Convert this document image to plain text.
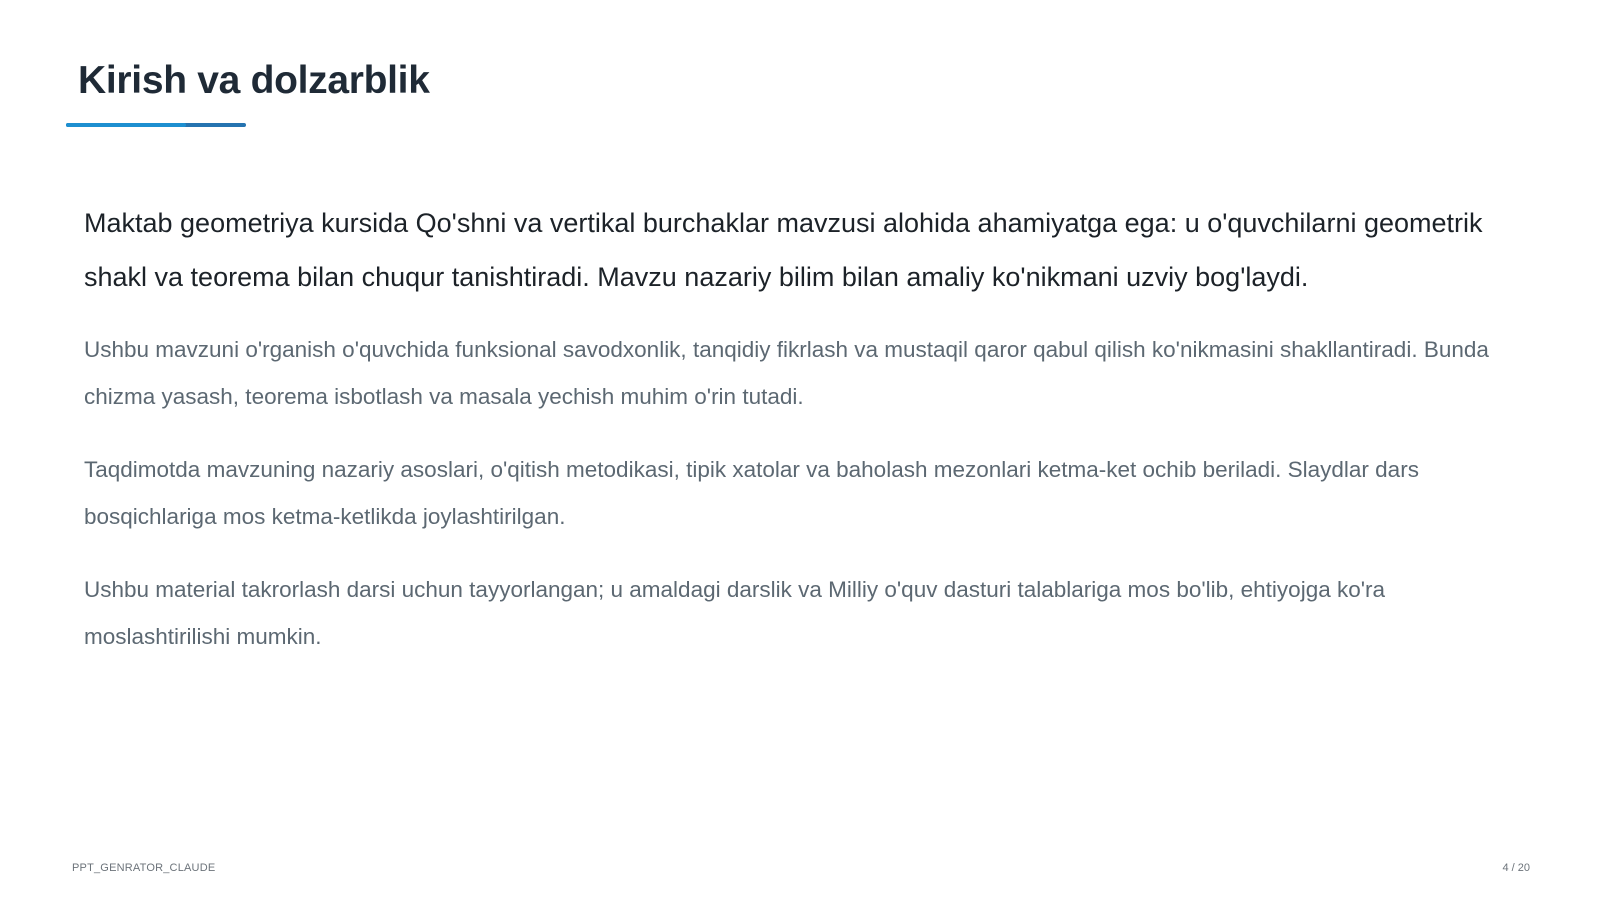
Kirish va dolzarblik

Maktab geometriya kursida Qo'shni va vertikal burchaklar mavzusi alohida ahamiyatga ega: u o'quvchilarni geometrik shakl va teorema bilan chuqur tanishtiradi. Mavzu nazariy bilim bilan amaliy ko'nikmani uzviy bog'laydi.

Ushbu mavzuni o'rganish o'quvchida funksional savodxonlik, tanqidiy fikrlash va mustaqil qaror qabul qilish ko'nikmasini shakllantiradi. Bunda chizma yasash, teorema isbotlash va masala yechish muhim o'rin tutadi.

Taqdimotda mavzuning nazariy asoslari, o'qitish metodikasi, tipik xatolar va baholash mezonlari ketma-ket ochib beriladi. Slaydlar dars bosqichlariga mos ketma-ketlikda joylashtirilgan.

Ushbu material takrorlash darsi uchun tayyorlangan; u amaldagi darslik va Milliy o'quv dasturi talablariga mos bo'lib, ehtiyojga ko'ra moslashtirilishi mumkin.

PPT_GENRATOR_CLAUDE	4 / 20
